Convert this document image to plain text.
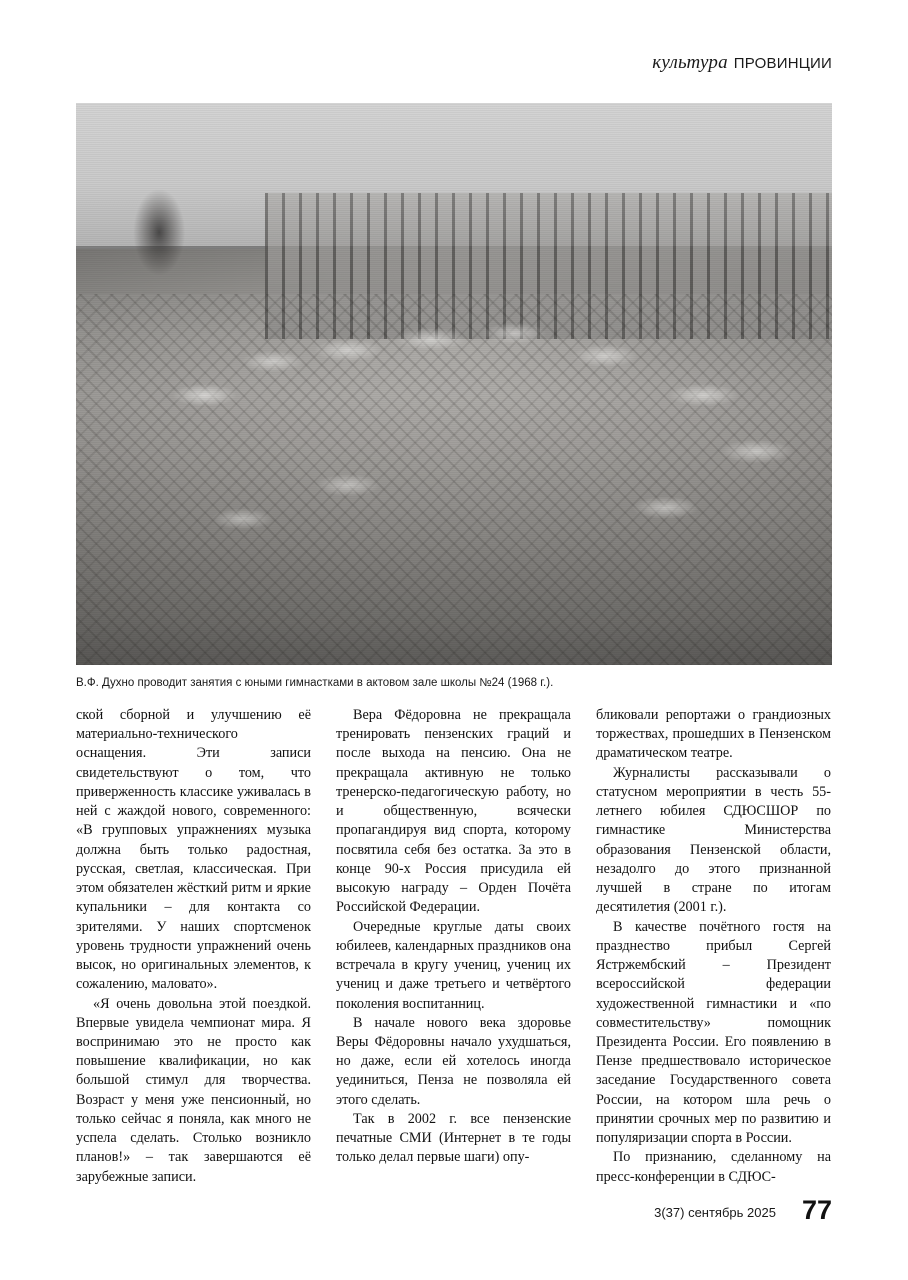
культура ПРОВИНЦИИ
В.Ф. Духно проводит занятия с юными гимнастками в актовом зале школы №24 (1968 г.).

ской сборной и улучшению её материально-технического оснащения. Эти записи свидетельствуют о том, что приверженность классике уживалась в ней с жаждой нового, современного: «В групповых упражнениях музыка должна быть только радостная, русская, светлая, классическая. При этом обязателен жёсткий ритм и яркие купальники – для контакта со зрителями. У наших спортсменок уровень трудности упражнений очень высок, но оригинальных элементов, к сожалению, маловато».

«Я очень довольна этой поездкой. Впервые увидела чемпионат мира. Я воспринимаю это не просто как повышение квалификации, но как большой стимул для творчества. Возраст у меня уже пенсионный, но только сейчас я поняла, как много не успела сделать. Столько возникло планов!» – так завершаются её зарубежные записи.

Вера Фёдоровна не прекращала тренировать пензенских граций и после выхода на пенсию. Она не прекращала активную не только тренерско-педагогическую работу, но и общественную, всячески пропагандируя вид спорта, которому посвятила себя без остатка. За это в конце 90-х Россия присудила ей высокую награду – Орден Почёта Российской Федерации.

Очередные круглые даты своих юбилеев, календарных праздников она встречала в кругу учениц, учениц их учениц и даже третьего и четвёртого поколения воспитанниц.

В начале нового века здоровье Веры Фёдоровны начало ухудшаться, но даже, если ей хотелось иногда уединиться, Пенза не позволяла ей этого сделать.

Так в 2002 г. все пензенские печатные СМИ (Интернет в те годы только делал первые шаги) опу-

бликовали репортажи о грандиозных торжествах, прошедших в Пензенском драматическом театре.

Журналисты рассказывали о статусном мероприятии в честь 55-летнего юбилея СДЮСШОР по гимнастике Министерства образования Пензенской области, незадолго до этого признанной лучшей в стране по итогам десятилетия (2001 г.).

В качестве почётного гостя на празднество прибыл Сергей Ястржембский – Президент всероссийской федерации художественной гимнастики и «по совместительству» помощник Президента России. Его появлению в Пензе предшествовало историческое заседание Государственного совета России, на котором шла речь о принятии срочных мер по развитию и популяризации спорта в России.

По признанию, сделанному на пресс-конференции в СДЮС-

3(37) сентябрь 2025 77
